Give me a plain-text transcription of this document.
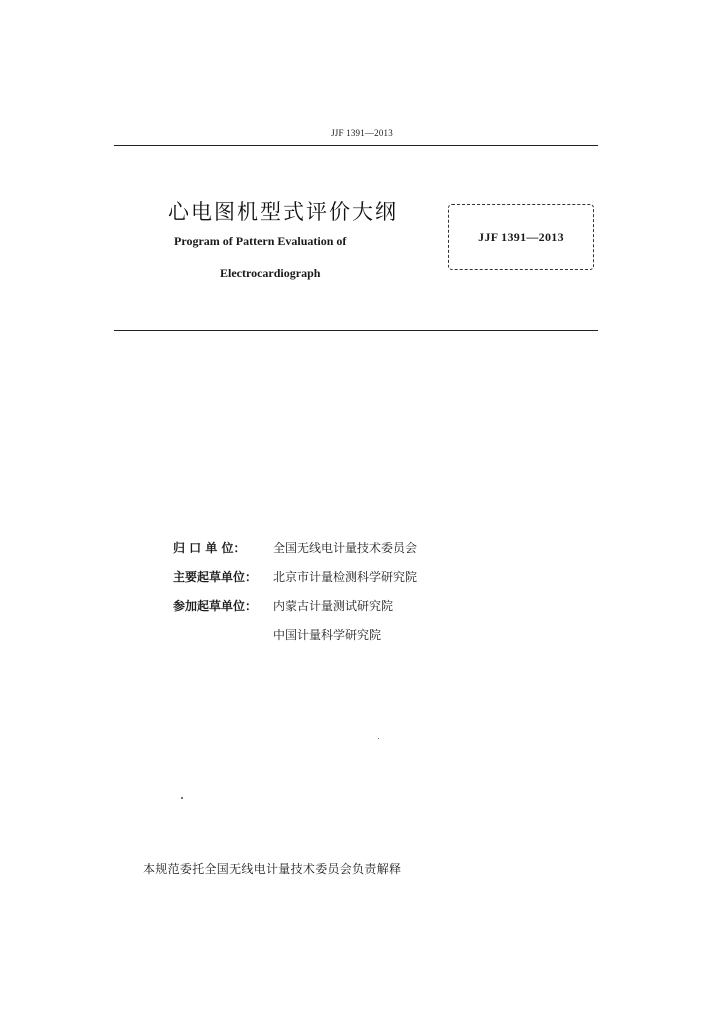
JJF 1391—2013
心电图机型式评价大纲
Program of Pattern Evaluation of
Electrocardiograph
JJF 1391—2013
归 口 单 位：	全国无线电计量技术委员会
主要起草单位：	北京市计量检测科学研究院
参加起草单位：	内蒙古计量测试研究院
中国计量科学研究院
本规范委托全国无线电计量技术委员会负责解释
